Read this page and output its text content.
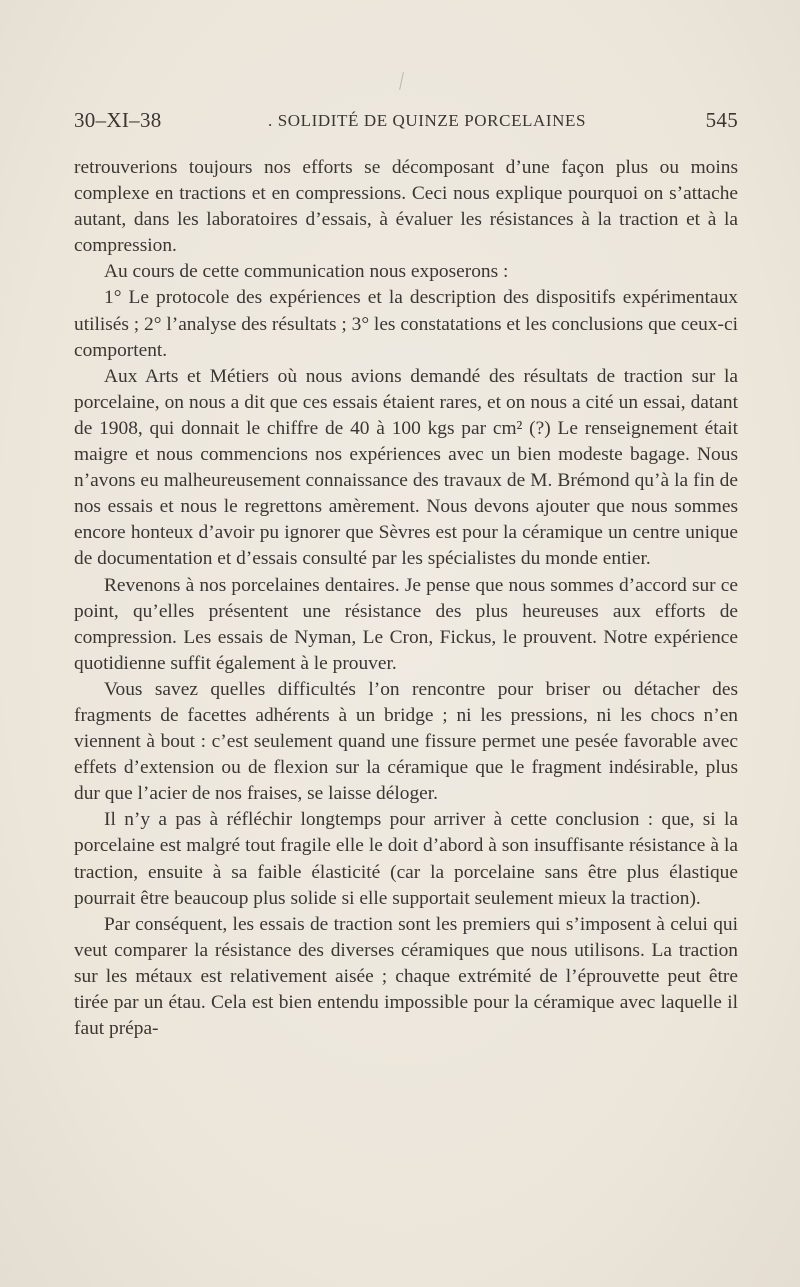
30–XI–38	. SOLIDITÉ DE QUINZE PORCELAINES	545

retrouverions toujours nos efforts se décomposant d’une façon plus ou moins complexe en tractions et en compressions. Ceci nous explique pourquoi on s’attache autant, dans les laboratoires d’essais, à évaluer les résistances à la traction et à la compression.

Au cours de cette communication nous exposerons :

1° Le protocole des expériences et la description des dispositifs expérimentaux utilisés ; 2° l’analyse des résultats ; 3° les constatations et les conclusions que ceux-ci comportent.

Aux Arts et Métiers où nous avions demandé des résultats de traction sur la porcelaine, on nous a dit que ces essais étaient rares, et on nous a cité un essai, datant de 1908, qui donnait le chiffre de 40 à 100 kgs par cm² (?) Le renseignement était maigre et nous commencions nos expériences avec un bien modeste bagage. Nous n’avons eu malheureusement connaissance des travaux de M. Brémond qu’à la fin de nos essais et nous le regrettons amèrement. Nous devons ajouter que nous sommes encore honteux d’avoir pu ignorer que Sèvres est pour la céramique un centre unique de documentation et d’essais consulté par les spécialistes du monde entier.

Revenons à nos porcelaines dentaires. Je pense que nous sommes d’accord sur ce point, qu’elles présentent une résistance des plus heureuses aux efforts de compression. Les essais de Nyman, Le Cron, Fickus, le prouvent. Notre expérience quotidienne suffit également à le prouver.

Vous savez quelles difficultés l’on rencontre pour briser ou détacher des fragments de facettes adhérents à un bridge ; ni les pressions, ni les chocs n’en viennent à bout : c’est seulement quand une fissure permet une pesée favorable avec effets d’extension ou de flexion sur la céramique que le fragment indésirable, plus dur que l’acier de nos fraises, se laisse déloger.

Il n’y a pas à réfléchir longtemps pour arriver à cette conclusion : que, si la porcelaine est malgré tout fragile elle le doit d’abord à son insuffisante résistance à la traction, ensuite à sa faible élasticité (car la porcelaine sans être plus élastique pourrait être beaucoup plus solide si elle supportait seulement mieux la traction).

Par conséquent, les essais de traction sont les premiers qui s’imposent à celui qui veut comparer la résistance des diverses céramiques que nous utilisons. La traction sur les métaux est relativement aisée ; chaque extrémité de l’éprouvette peut être tirée par un étau. Cela est bien entendu impossible pour la céramique avec laquelle il faut prépa-
